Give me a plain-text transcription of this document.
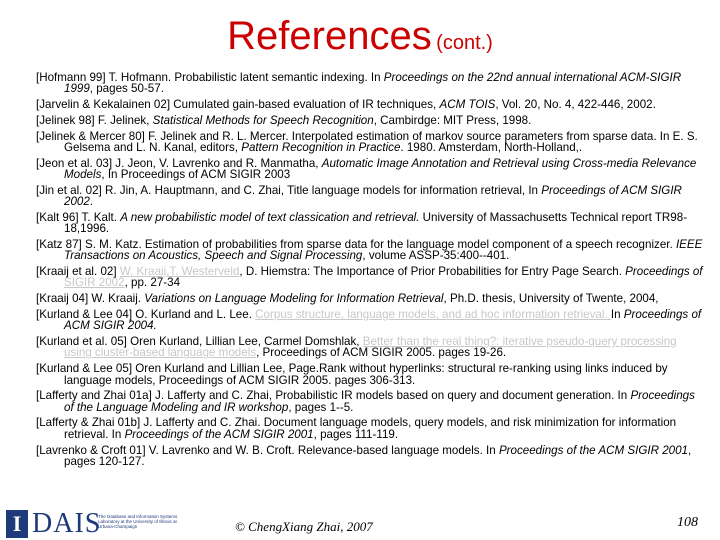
References (cont.)
[Hofmann 99] T. Hofmann. Probabilistic latent semantic indexing. In Proceedings on the 22nd annual international ACM-SIGIR 1999, pages 50-57.
[Jarvelin & Kekalainen 02] Cumulated gain-based evaluation of IR techniques, ACM TOIS, Vol. 20, No. 4, 422-446, 2002.
[Jelinek 98] F. Jelinek, Statistical Methods for Speech Recognition, Cambirdge: MIT Press, 1998.
[Jelinek & Mercer 80] F. Jelinek and R. L. Mercer. Interpolated estimation of markov source parameters from sparse data. In E. S. Gelsema and L. N. Kanal, editors, Pattern Recognition in Practice. 1980. Amsterdam, North-Holland,.
[Jeon et al. 03] J. Jeon, V. Lavrenko and R. Manmatha, Automatic Image Annotation and Retrieval using Cross-media Relevance Models, In Proceedings of ACM SIGIR 2003
[Jin et al. 02] R. Jin, A. Hauptmann, and C. Zhai, Title language models for information retrieval, In Proceedings of ACM SIGIR 2002.
[Kalt 96] T. Kalt. A new probabilistic model of text classication and retrieval. University of Massachusetts Technical report TR98-18,1996.
[Katz 87] S. M. Katz. Estimation of probabilities from sparse data for the language model component of a speech recognizer. IEEE Transactions on Acoustics, Speech and Signal Processing, volume ASSP-35:400--401.
[Kraaij et al. 02] W. Kraaij,T. Westerveld, D. Hiemstra: The Importance of Prior Probabilities for Entry Page Search. Proceedings of SIGIR 2002, pp. 27-34
[Kraaij 04] W. Kraaij. Variations on Language Modeling for Information Retrieval, Ph.D. thesis, University of Twente, 2004,
[Kurland & Lee 04] O. Kurland and L. Lee. Corpus structure, language models, and ad hoc information retrieval. In Proceedings of ACM SIGIR 2004.
[Kurland et al. 05] Oren Kurland, Lillian Lee, Carmel Domshlak, Better than the real thing?: iterative pseudo-query processing using cluster-based language models, Proceedings of ACM SIGIR 2005. pages 19-26.
[Kurland & Lee 05] Oren Kurland and Lillian Lee, Page.Rank without hyperlinks: structural re-ranking using links induced by language models, Proceedings of ACM SIGIR 2005. pages 306-313.
[Lafferty and Zhai 01a] J. Lafferty and C. Zhai, Probabilistic IR models based on query and document generation. In Proceedings of the Language Modeling and IR workshop, pages 1--5.
[Lafferty & Zhai 01b] J. Lafferty and C. Zhai. Document language models, query models, and risk minimization for information retrieval. In Proceedings of the ACM SIGIR 2001, pages 111-119.
[Lavrenko & Croft 01] V. Lavrenko and W. B. Croft. Relevance-based language models. In Proceedings of the ACM SIGIR 2001, pages 120-127.
I DAIS
The Database and Information Systems Laboratory at the University of Illinois at Urbana-Champaign	© ChengXiang Zhai, 2007	108
